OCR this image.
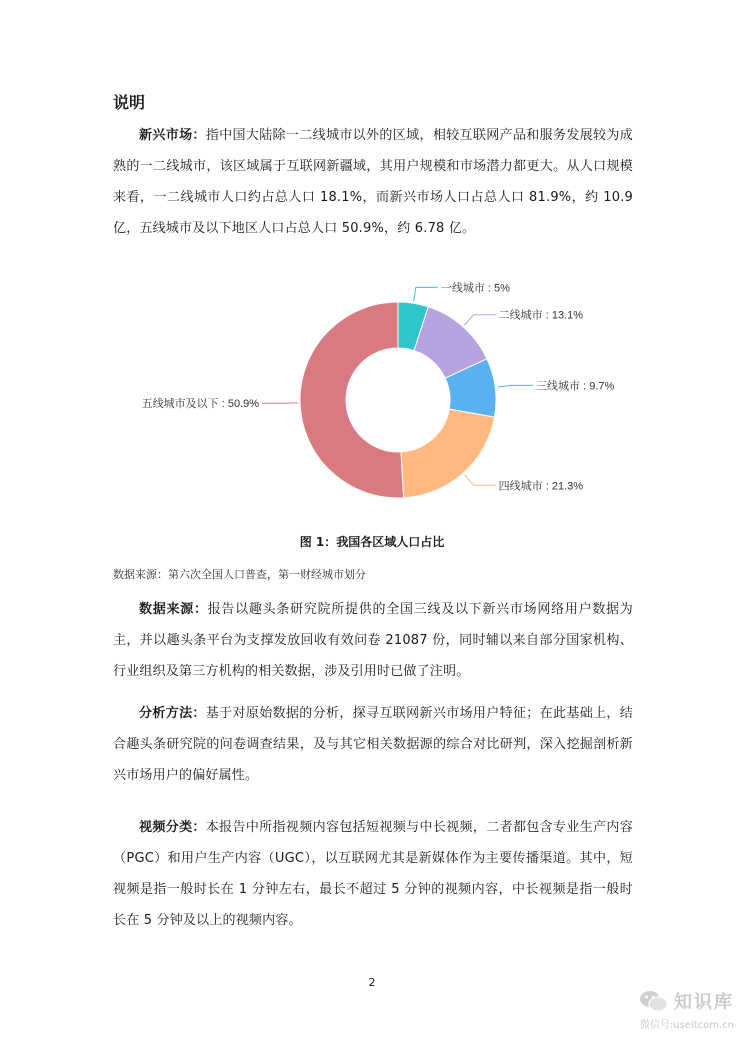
说明

新兴市场：指中国大陆除一二线城市以外的区域，相较互联网产品和服务发展较为成熟的一二线城市，该区域属于互联网新疆域，其用户规模和市场潜力都更大。从人口规模来看，一二线城市人口约占总人口 18.1%，而新兴市场人口占总人口 81.9%，约 10.9 亿，五线城市及以下地区人口占总人口 50.9%，约 6.78 亿。

一线城市 : 5%
二线城市 : 13.1%
三线城市 : 9.7%
四线城市 : 21.3%
五线城市及以下 : 50.9%

图 1：我国各区域人口占比

数据来源：第六次全国人口普查，第一财经城市划分

数据来源：报告以趣头条研究院所提供的全国三线及以下新兴市场网络用户数据为主，并以趣头条平台为支撑发放回收有效问卷 21087 份，同时辅以来自部分国家机构、行业组织及第三方机构的相关数据，涉及引用时已做了注明。

分析方法：基于对原始数据的分析，探寻互联网新兴市场用户特征；在此基础上，结合趣头条研究院的问卷调查结果，及与其它相关数据源的综合对比研判，深入挖掘剖析新兴市场用户的偏好属性。

视频分类：本报告中所指视频内容包括短视频与中长视频，二者都包含专业生产内容（PGC）和用户生产内容（UGC），以互联网尤其是新媒体作为主要传播渠道。其中，短视频是指一般时长在 1 分钟左右，最长不超过 5 分钟的视频内容，中长视频是指一般时长在 5 分钟及以上的视频内容。

2

知识库
微信号:useitcom.cn
